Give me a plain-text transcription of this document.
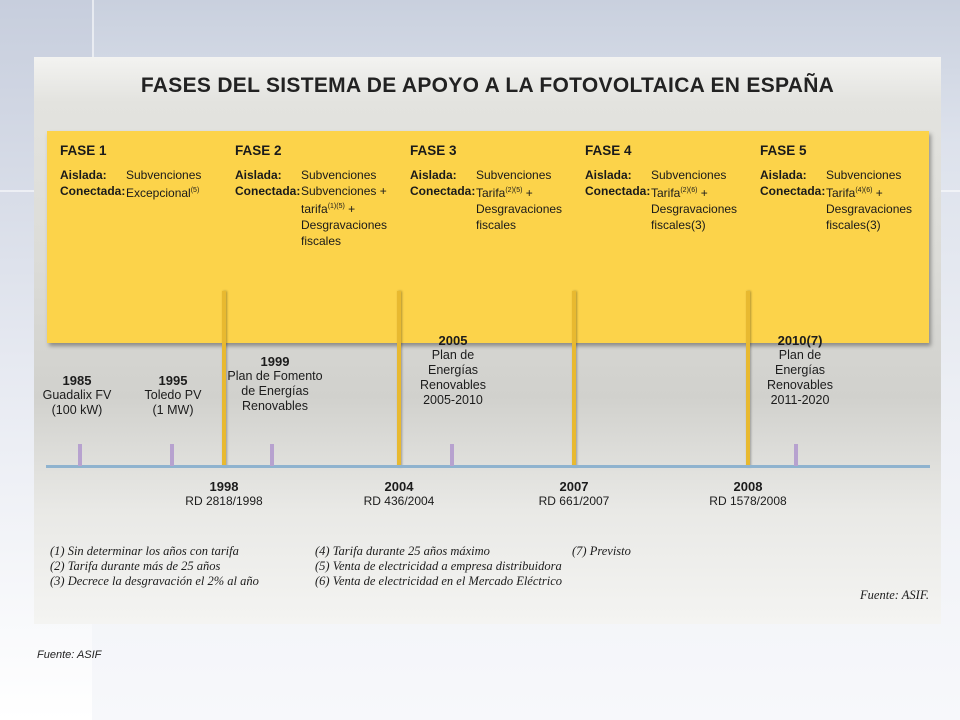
FASES DEL SISTEMA DE APOYO A LA FOTOVOLTAICA EN ESPAÑA
FASE 1
Aislada:
Conectada:
Subvenciones
Excepcional$^{(5)}$
FASE 2
Aislada:
Conectada:
Subvenciones
Subvenciones +
tarifa$^{(1)(5)}$ +
Desgravaciones
fiscales
FASE 3
Aislada:
Conectada:
Subvenciones
Tarifa$^{(2)(5)}$ +
Desgravaciones
fiscales
FASE 4
Aislada:
Conectada:
Subvenciones
Tarifa$^{(2)(6)}$ +
Desgravaciones
fiscales(3)
FASE 5
Aislada:
Conectada:
Subvenciones
Tarifa$^{(4)(6)}$ +
Desgravaciones
fiscales(3)
1985
Guadalix FV
(100 kW)
1995
Toledo PV
(1 MW)
1999
Plan de Fomento
de Energías
Renovables
2005
Plan de
Energías
Renovables
2005-2010
2010(7)
Plan de
Energías
Renovables
2011-2020
1998
RD 2818/1998
2004
RD 436/2004
2007
RD 661/2007
2008
RD 1578/2008
(1) Sin determinar los años con tarifa
(2) Tarifa durante más de 25 años
(3) Decrece la desgravación el 2% al año
(4) Tarifa durante 25 años máximo
(5) Venta de electricidad a empresa distribuidora
(6) Venta de electricidad en el Mercado Eléctrico
(7) Previsto
Fuente: ASIF.
Fuente: ASIF
